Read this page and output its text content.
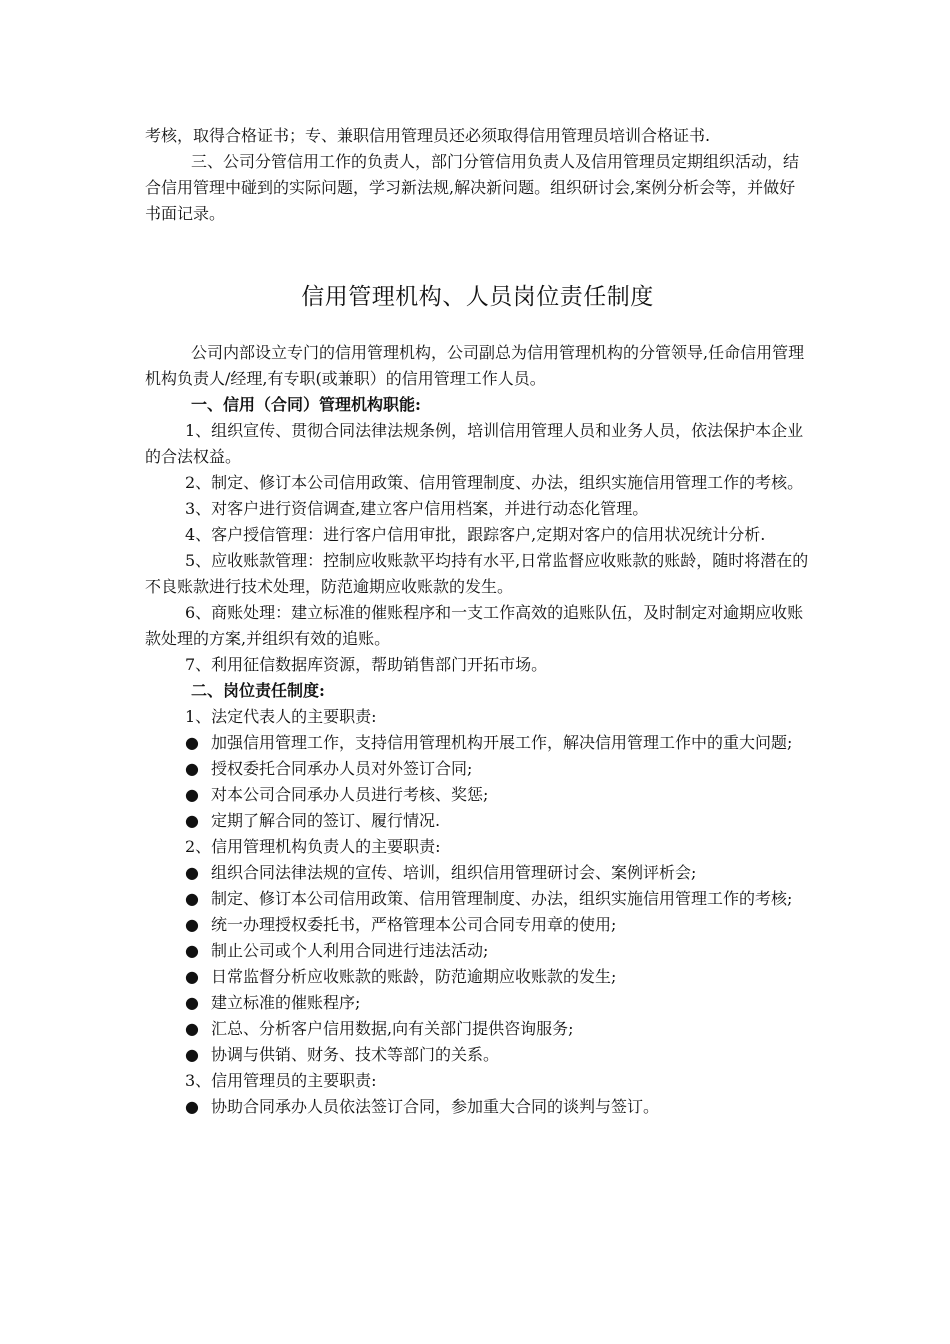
考核，取得合格证书；专、兼职信用管理员还必须取得信用管理员培训合格证书.

三、公司分管信用工作的负责人，部门分管信用负责人及信用管理员定期组织活动，结合信用管理中碰到的实际问题，学习新法规,解决新问题。组织研讨会,案例分析会等，并做好书面记录。

信用管理机构、人员岗位责任制度

公司内部设立专门的信用管理机构，公司副总为信用管理机构的分管领导,任命信用管理机构负责人/经理,有专职(或兼职）的信用管理工作人员。

一、信用（合同）管理机构职能:

1、组织宣传、贯彻合同法律法规条例，培训信用管理人员和业务人员，依法保护本企业的合法权益。

2、制定、修订本公司信用政策、信用管理制度、办法，组织实施信用管理工作的考核。

3、对客户进行资信调查,建立客户信用档案，并进行动态化管理。

4、客户授信管理：进行客户信用审批，跟踪客户,定期对客户的信用状况统计分析.

5、应收账款管理：控制应收账款平均持有水平,日常监督应收账款的账龄，随时将潜在的不良账款进行技术处理，防范逾期应收账款的发生。

6、商账处理：建立标准的催账程序和一支工作高效的追账队伍，及时制定对逾期应收账款处理的方案,并组织有效的追账。

7、利用征信数据库资源，帮助销售部门开拓市场。

二、岗位责任制度:

1、法定代表人的主要职责:

● 加强信用管理工作，支持信用管理机构开展工作，解决信用管理工作中的重大问题;

● 授权委托合同承办人员对外签订合同;

● 对本公司合同承办人员进行考核、奖惩;

● 定期了解合同的签订、履行情况.

2、信用管理机构负责人的主要职责:

● 组织合同法律法规的宣传、培训，组织信用管理研讨会、案例评析会;

● 制定、修订本公司信用政策、信用管理制度、办法，组织实施信用管理工作的考核;

● 统一办理授权委托书，严格管理本公司合同专用章的使用;

● 制止公司或个人利用合同进行违法活动;

● 日常监督分析应收账款的账龄，防范逾期应收账款的发生;

● 建立标准的催账程序;

● 汇总、分析客户信用数据,向有关部门提供咨询服务;

● 协调与供销、财务、技术等部门的关系。

3、信用管理员的主要职责:

● 协助合同承办人员依法签订合同，参加重大合同的谈判与签订。
